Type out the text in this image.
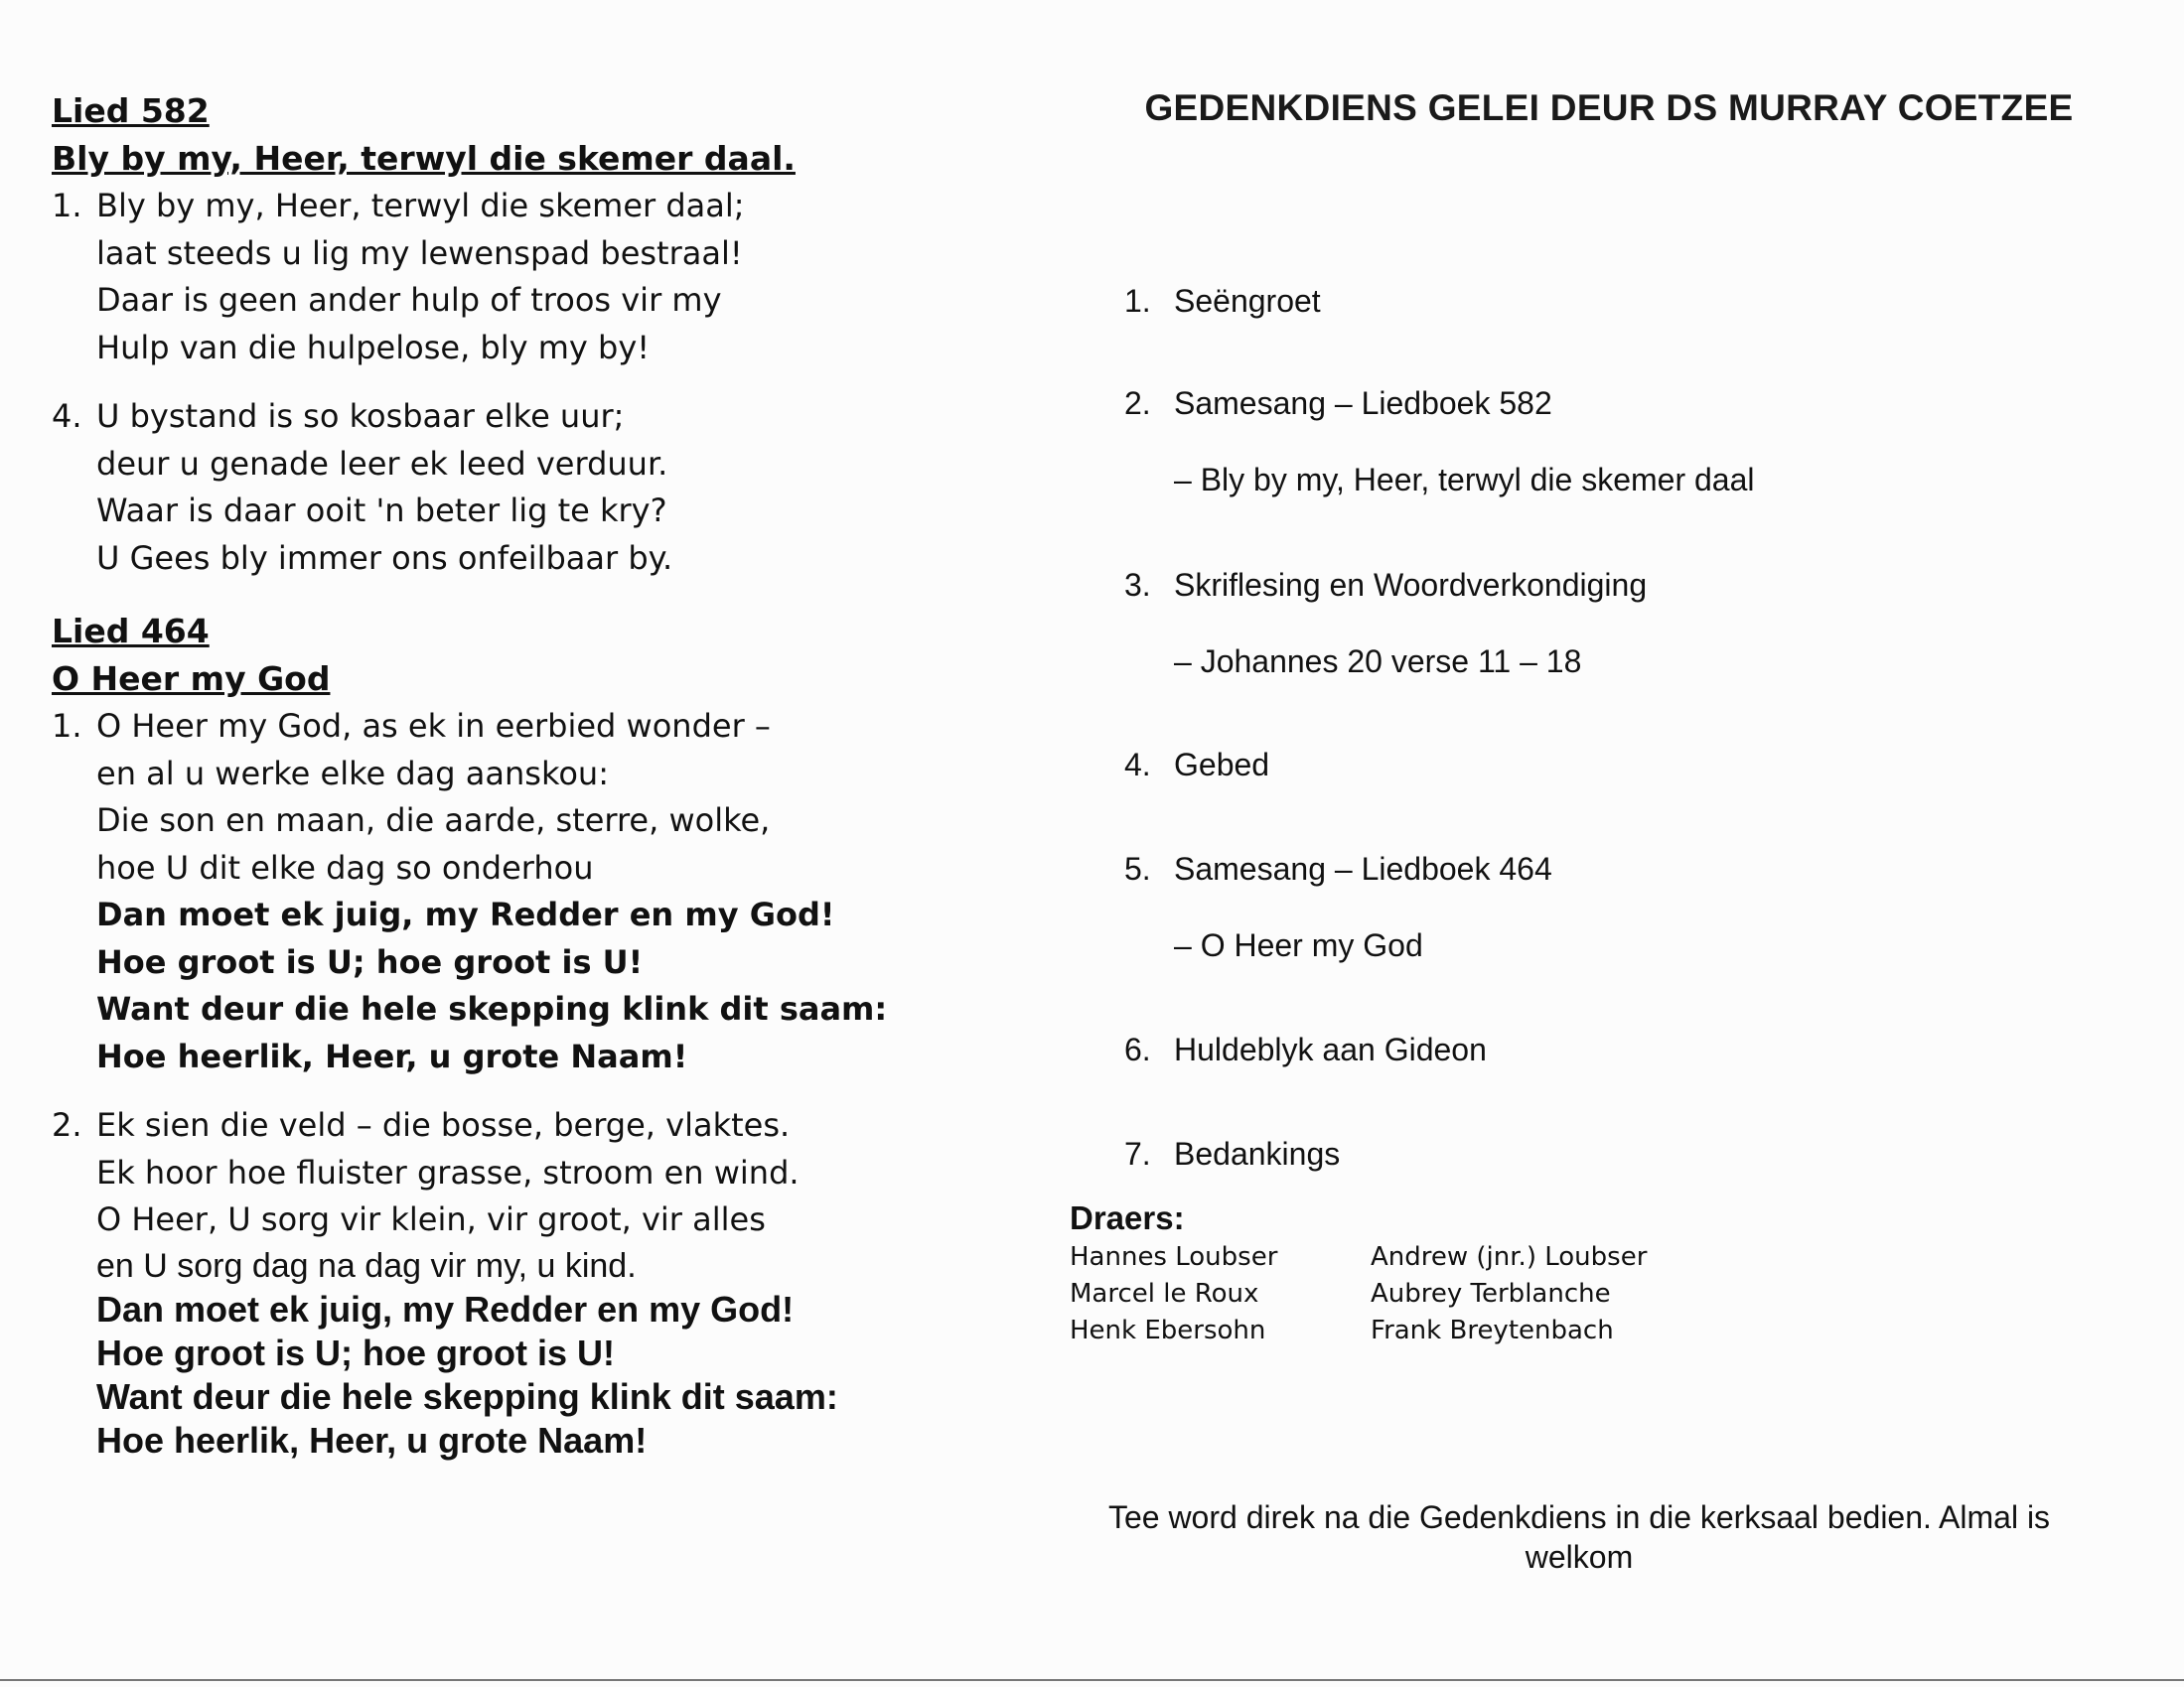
Lied 582
Bly by my, Heer, terwyl die skemer daal.
1. Bly by my, Heer, terwyl die skemer daal;
laat steeds u lig my lewenspad bestraal!
Daar is geen ander hulp of troos vir my
Hulp van die hulpelose, bly my by!
4. U bystand is so kosbaar elke uur;
deur u genade leer ek leed verduur.
Waar is daar ooit 'n beter lig te kry?
U Gees bly immer ons onfeilbaar by.
Lied 464
O Heer my God
1. O Heer my God, as ek in eerbied wonder –
en al u werke elke dag aanskou:
Die son en maan, die aarde, sterre, wolke,
hoe U dit elke dag so onderhou
Dan moet ek juig, my Redder en my God!
Hoe groot is U; hoe groot is U!
Want deur die hele skepping klink dit saam:
Hoe heerlik, Heer, u grote Naam!
2. Ek sien die veld – die bosse, berge, vlaktes.
Ek hoor hoe fluister grasse, stroom en wind.
O Heer, U sorg vir klein, vir groot, vir alles
en U sorg dag na dag vir my, u kind.
Dan moet ek juig, my Redder en my God!
Hoe groot is U; hoe groot is U!
Want deur die hele skepping klink dit saam:
Hoe heerlik, Heer, u grote Naam!
GEDENKDIENS GELEI DEUR DS MURRAY COETZEE
1. Seëngroet
2. Samesang – Liedboek 582
– Bly by my, Heer, terwyl die skemer daal
3. Skriflesing en Woordverkondiging
– Johannes 20 verse 11 – 18
4. Gebed
5. Samesang – Liedboek 464
– O Heer my God
6. Huldeblyk aan Gideon
7. Bedankings
Draers:
Hannes Loubser	Andrew (jnr.) Loubser
Marcel le Roux	Aubrey Terblanche
Henk Ebersohn	Frank Breytenbach

Tee word direk na die Gedenkdiens in die kerksaal bedien. Almal is welkom
